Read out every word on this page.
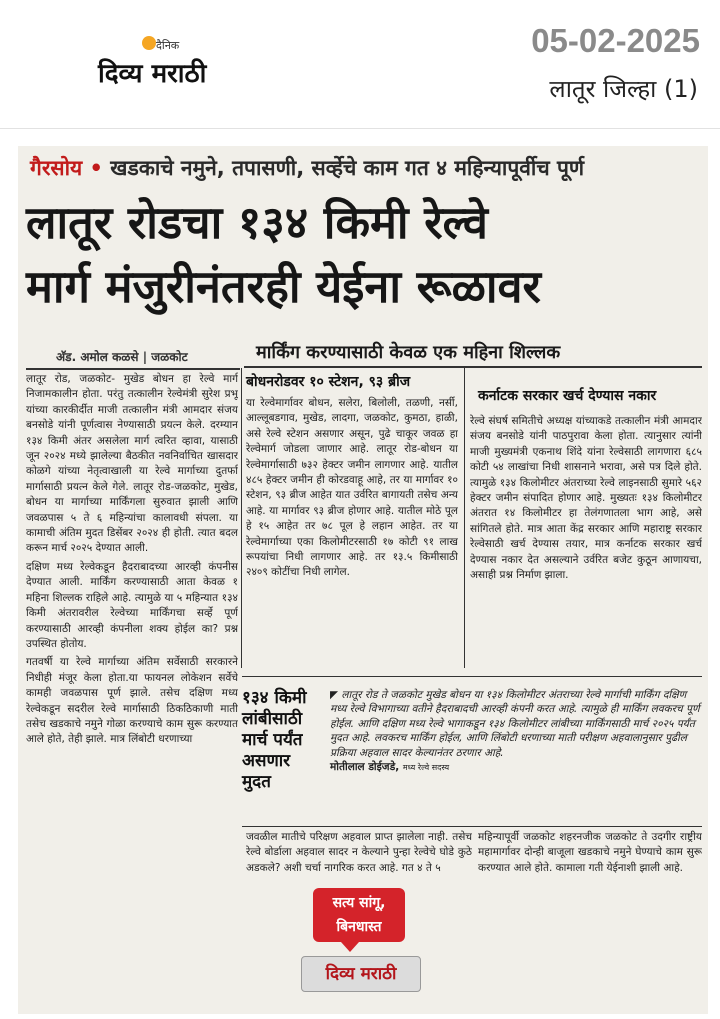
दैनिक
दिव्य मराठी
05-02-2025
लातूर जिल्हा (1)
गैरसोय • खडकाचे नमुने, तपासणी, सर्व्हेचे काम गत ४ महिन्यापूर्वीच पूर्ण
लातूर रोडचा १३४ किमी रेल्वे
मार्ग मंजुरीनंतरही येईना रूळावर
अ‍ॅड. अमोल कळसे | जळकोट	मार्किंग करण्यासाठी केवळ एक महिना शिल्लक

लातूर रोड, जळकोट- मुखेड बोधन हा रेल्वे मार्ग निजामकालीन होता. परंतु तत्कालीन रेल्वेमंत्री सुरेश प्रभू यांच्या कारकीर्दीत माजी तत्कालीन मंत्री आमदार संजय बनसोडे यांनी पूर्णत्वास नेण्यासाठी प्रयत्न केले. दरम्यान १३४ किमी अंतर असलेला मार्ग त्वरित व्हावा, यासाठी जून २०२४ मध्ये झालेल्या बैठकीत नवनिर्वाचित खासदार कोळगे यांच्या नेतृत्वाखाली या रेल्वे मार्गाच्या दुतर्फा मार्गासाठी प्रयत्न केले गेले. लातूर रोड-जळकोट, मुखेड, बोधन या मार्गाच्या मार्किंगला सुरुवात झाली आणि जवळपास ५ ते ६ महिन्यांचा कालावधी संपला. या कामाची अंतिम मुदत डिसेंबर २०२४ ही होती. त्यात बदल करून मार्च २०२५ देण्यात आली.

दक्षिण मध्य रेल्वेकडून हैदराबादच्या आरव्ही कंपनीस देण्यात आली. मार्किंग करण्यासाठी आता केवळ १ महिना शिल्लक राहिले आहे. त्यामुळे या ५ महिन्यात १३४ किमी अंतरावरील रेल्वेच्या मार्किंगचा सर्व्हे पूर्ण करण्यासाठी आरव्ही कंपनीला शक्य होईल का? प्रश्न उपस्थित होतोय.

गतवर्षी या रेल्वे मार्गाच्या अंतिम सर्वेसाठी सरकारने निधीही मंजूर केला होता.या फायनल लोकेशन सर्वेचे कामही जवळपास पूर्ण झाले. तसेच दक्षिण मध्य रेल्वेकडून सदरील रेल्वे मार्गासाठी ठिकठिकाणी माती तसेच खडकाचे नमुने गोळा करण्याचे काम सुरू करण्यात आले होते, तेही झाले. मात्र लिंबोटी धरणाच्या

बोधनरोडवर १० स्टेशन, ९३ ब्रीज

या रेल्वेमार्गावर बोधन, सलेरा, बिलोली, तळणी, नर्सी, आल्लूबडगाव, मुखेड, लादगा, जळकोट, कुमठा, हाळी, असे रेल्वे स्टेशन असणार असून, पुढे चाकूर जवळ हा रेल्वेमार्ग जोडला जाणार आहे. लातूर रोड-बोधन या रेल्वेमार्गासाठी ७३२ हेक्टर जमीन लागणार आहे. यातील ४८५ हेक्टर जमीन ही कोरडवाहू आहे, तर या मार्गावर १० स्टेशन, ९३ ब्रीज आहेत यात उर्वरित बागायती तसेच अन्य आहे. या मार्गावर ९३ ब्रीज होणार आहे. यातील मोठे पूल हे १५ आहेत तर ७८ पूल हे लहान आहेत. तर या रेल्वेमार्गाच्या एका किलोमीटरसाठी १७ कोटी ९१ लाख रूपयांचा निधी लागणार आहे. तर १३.५ किमीसाठी २४०९ कोटींचा निधी लागेल.

कर्नाटक सरकार खर्च देण्यास नकार

रेल्वे संघर्ष समितीचे अध्यक्ष यांच्याकडे तत्कालीन मंत्री आमदार संजय बनसोडे यांनी पाठपुरावा केला होता. त्यानुसार त्यांनी माजी मुख्यमंत्री एकनाथ शिंदे यांना रेल्वेसाठी लागणारा ६८५ कोटी ५४ लाखांचा निधी शासनाने भरावा, असे पत्र दिले होते. त्यामुळे १३४ किलोमीटर अंतराच्या रेल्वे लाइनसाठी सुमारे ५६२ हेक्टर जमीन संपादित होणार आहे. मुख्यतः १३४ किलोमीटर अंतरात १४ किलोमीटर हा तेलंगणातला भाग आहे, असे सांगितले होते. मात्र आता केंद्र सरकार आणि महाराष्ट्र सरकार रेल्वेसाठी खर्च देण्यास तयार, मात्र कर्नाटक सरकार खर्च देण्यास नकार देत असल्याने उर्वरित बजेट कुठून आणायचा, असाही प्रश्न निर्माण झाला.

१३४ किमी लांबीसाठी मार्च पर्यंत असणार मुदत
◤ लातूर रोड ते जळकोट मुखेड बोधन या १३४ किलोमीटर अंतराच्या रेल्वे मार्गाची मार्किंग दक्षिण मध्य रेल्वे विभागाच्या वतीने हैदराबादची आरव्ही कंपनी करत आहे. त्यामुळे ही मार्किंग लवकरच पूर्ण होईल. आणि दक्षिण मध्य रेल्वे भागाकडून १३४ किलोमीटर लांबीच्या मार्किंगसाठी मार्च २०२५ पर्यंत मुदत आहे. लवकरच मार्किंग होईल, आणि लिंबोटी धरणाच्या माती परीक्षण अहवालानुसार पुढील प्रक्रिया अहवाल सादर केल्यानंतर ठरणार आहे.
मोतीलाल डोईजडे, मध्य रेल्वे सदस्य

जवळील मातीचे परिक्षण अहवाल प्राप्त झालेला नाही. तसेच रेल्वे बोर्डाला अहवाल सादर न केल्याने पुन्हा रेल्वेचे घोडे कुठे अडकले? अशी चर्चा नागरिक करत आहे. गत ४ ते ५

महिन्यापूर्वी जळकोट शहरनजीक जळकोट ते उदगीर राष्ट्रीय महामार्गावर दोन्ही बाजूला खडकाचे नमुने घेण्याचे काम सुरू करण्यात आले होते. कामाला गती येईनाशी झाली आहे.

सत्य सांगू,
बिनधास्त
दिव्य मराठी
